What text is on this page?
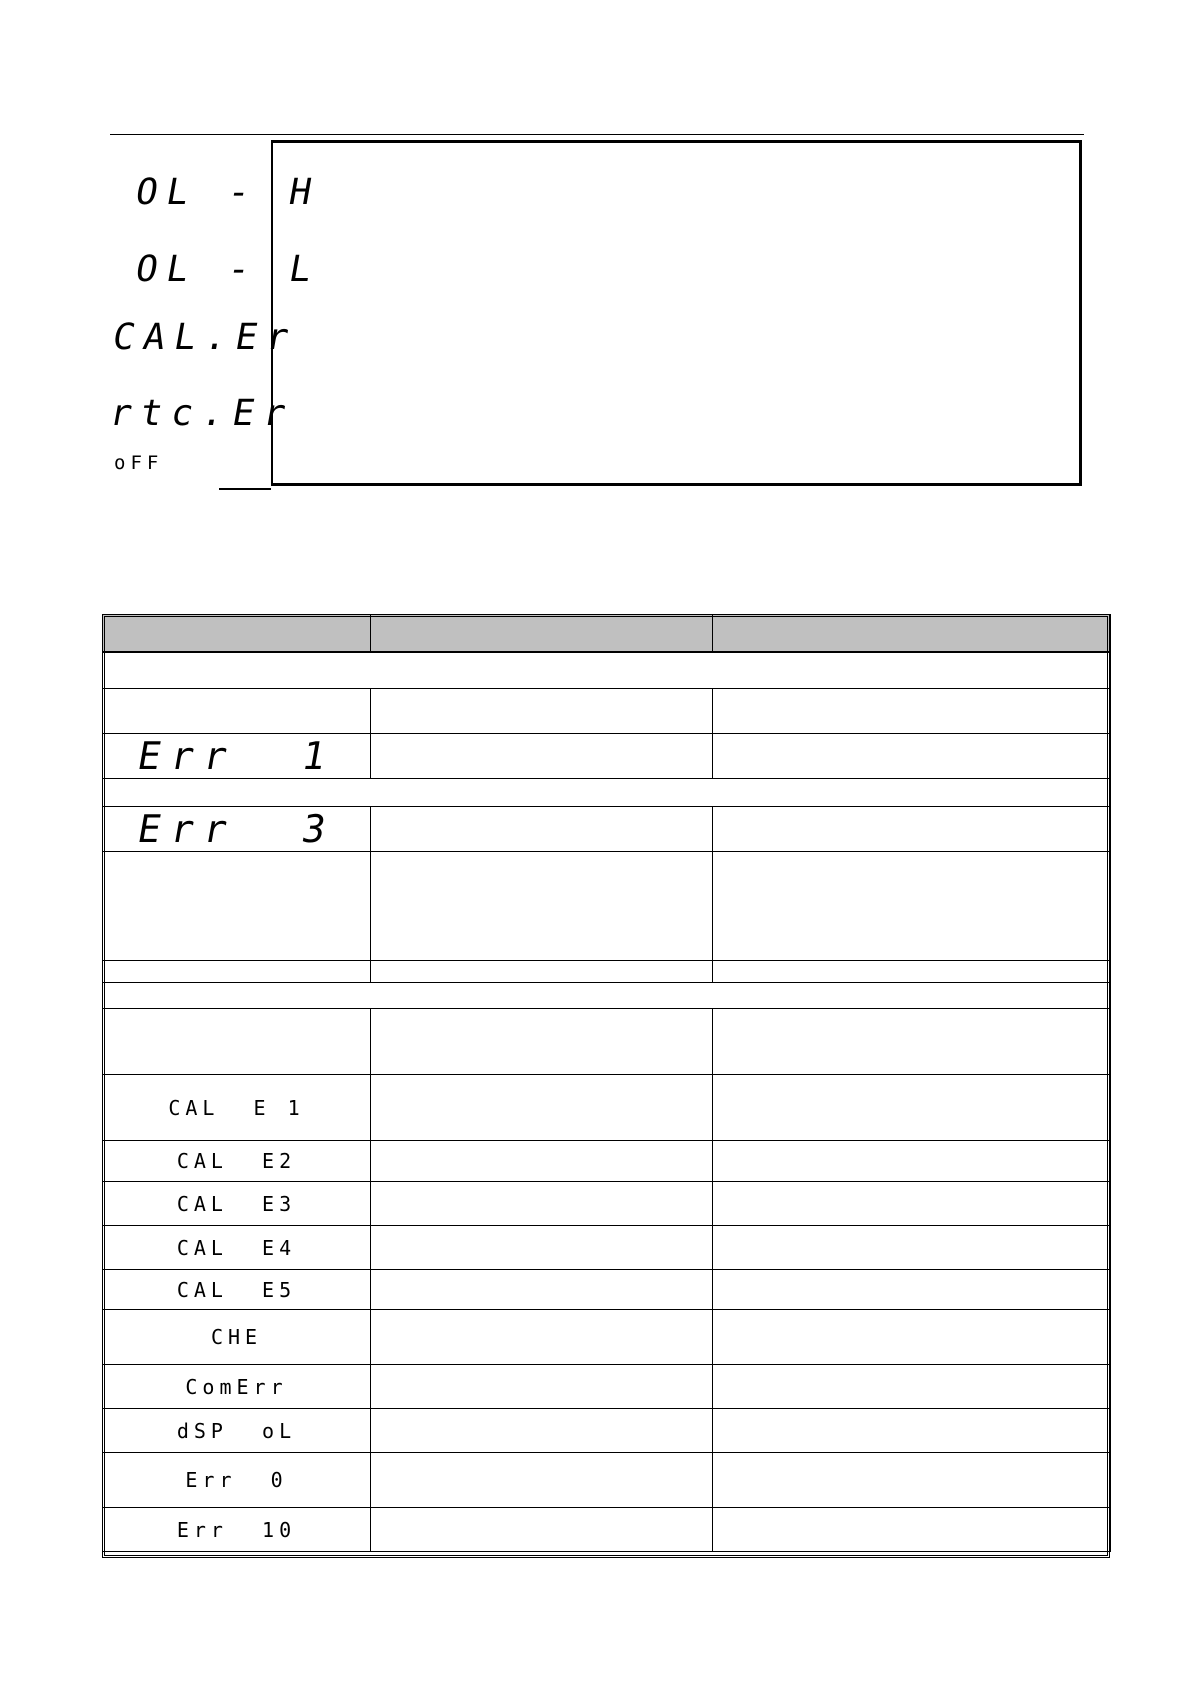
OL - H
OL - L
CAL.Er
rtc.Er
oFF

Err  1		

Err  3		

CAL  E 1		
CAL  E2		
CAL  E3		
CAL  E4		
CAL  E5		
CHE		
ComErr		
dSP  oL		
Err  0		
Err  10		
